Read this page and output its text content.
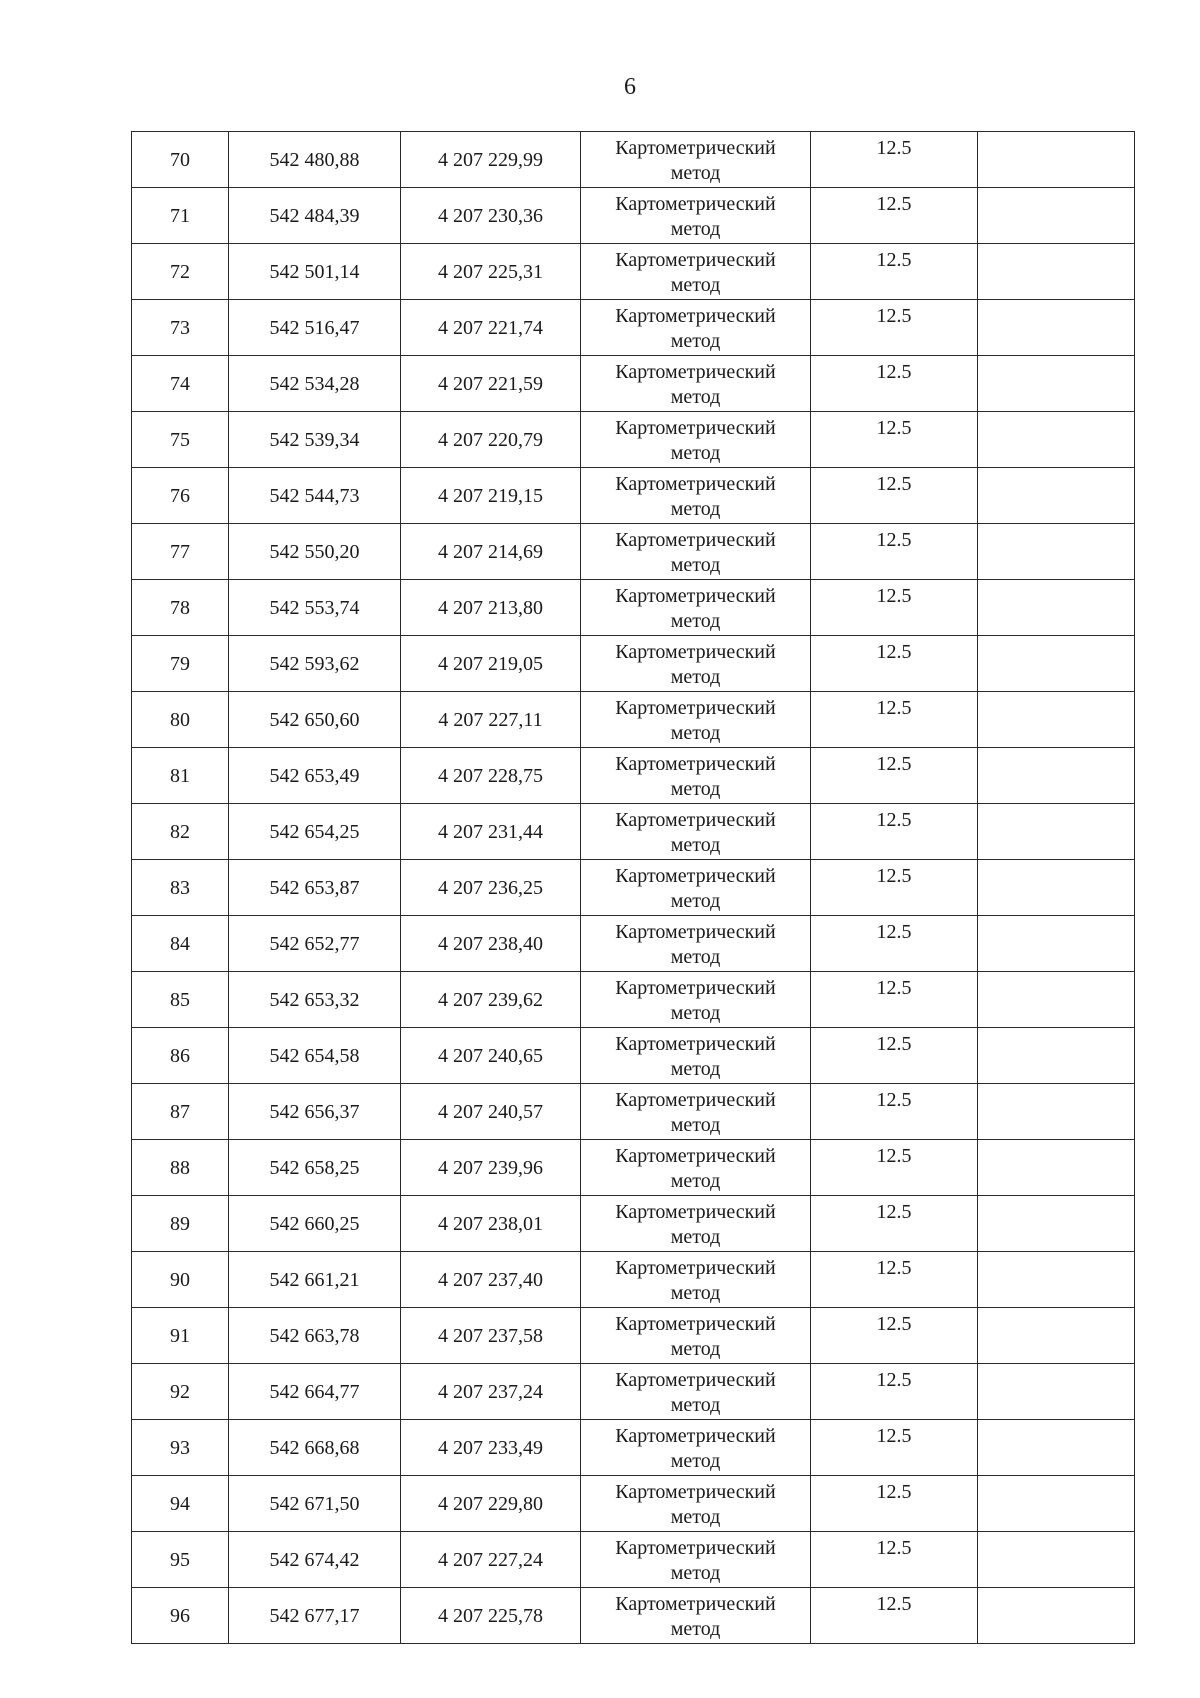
6
70	542 480,88	4 207 229,99	Картометрический
метод	12.5	
71	542 484,39	4 207 230,36	Картометрический
метод	12.5	
72	542 501,14	4 207 225,31	Картометрический
метод	12.5	
73	542 516,47	4 207 221,74	Картометрический
метод	12.5	
74	542 534,28	4 207 221,59	Картометрический
метод	12.5	
75	542 539,34	4 207 220,79	Картометрический
метод	12.5	
76	542 544,73	4 207 219,15	Картометрический
метод	12.5	
77	542 550,20	4 207 214,69	Картометрический
метод	12.5	
78	542 553,74	4 207 213,80	Картометрический
метод	12.5	
79	542 593,62	4 207 219,05	Картометрический
метод	12.5	
80	542 650,60	4 207 227,11	Картометрический
метод	12.5	
81	542 653,49	4 207 228,75	Картометрический
метод	12.5	
82	542 654,25	4 207 231,44	Картометрический
метод	12.5	
83	542 653,87	4 207 236,25	Картометрический
метод	12.5	
84	542 652,77	4 207 238,40	Картометрический
метод	12.5	
85	542 653,32	4 207 239,62	Картометрический
метод	12.5	
86	542 654,58	4 207 240,65	Картометрический
метод	12.5	
87	542 656,37	4 207 240,57	Картометрический
метод	12.5	
88	542 658,25	4 207 239,96	Картометрический
метод	12.5	
89	542 660,25	4 207 238,01	Картометрический
метод	12.5	
90	542 661,21	4 207 237,40	Картометрический
метод	12.5	
91	542 663,78	4 207 237,58	Картометрический
метод	12.5	
92	542 664,77	4 207 237,24	Картометрический
метод	12.5	
93	542 668,68	4 207 233,49	Картометрический
метод	12.5	
94	542 671,50	4 207 229,80	Картометрический
метод	12.5	
95	542 674,42	4 207 227,24	Картометрический
метод	12.5	
96	542 677,17	4 207 225,78	Картометрический
метод	12.5	
